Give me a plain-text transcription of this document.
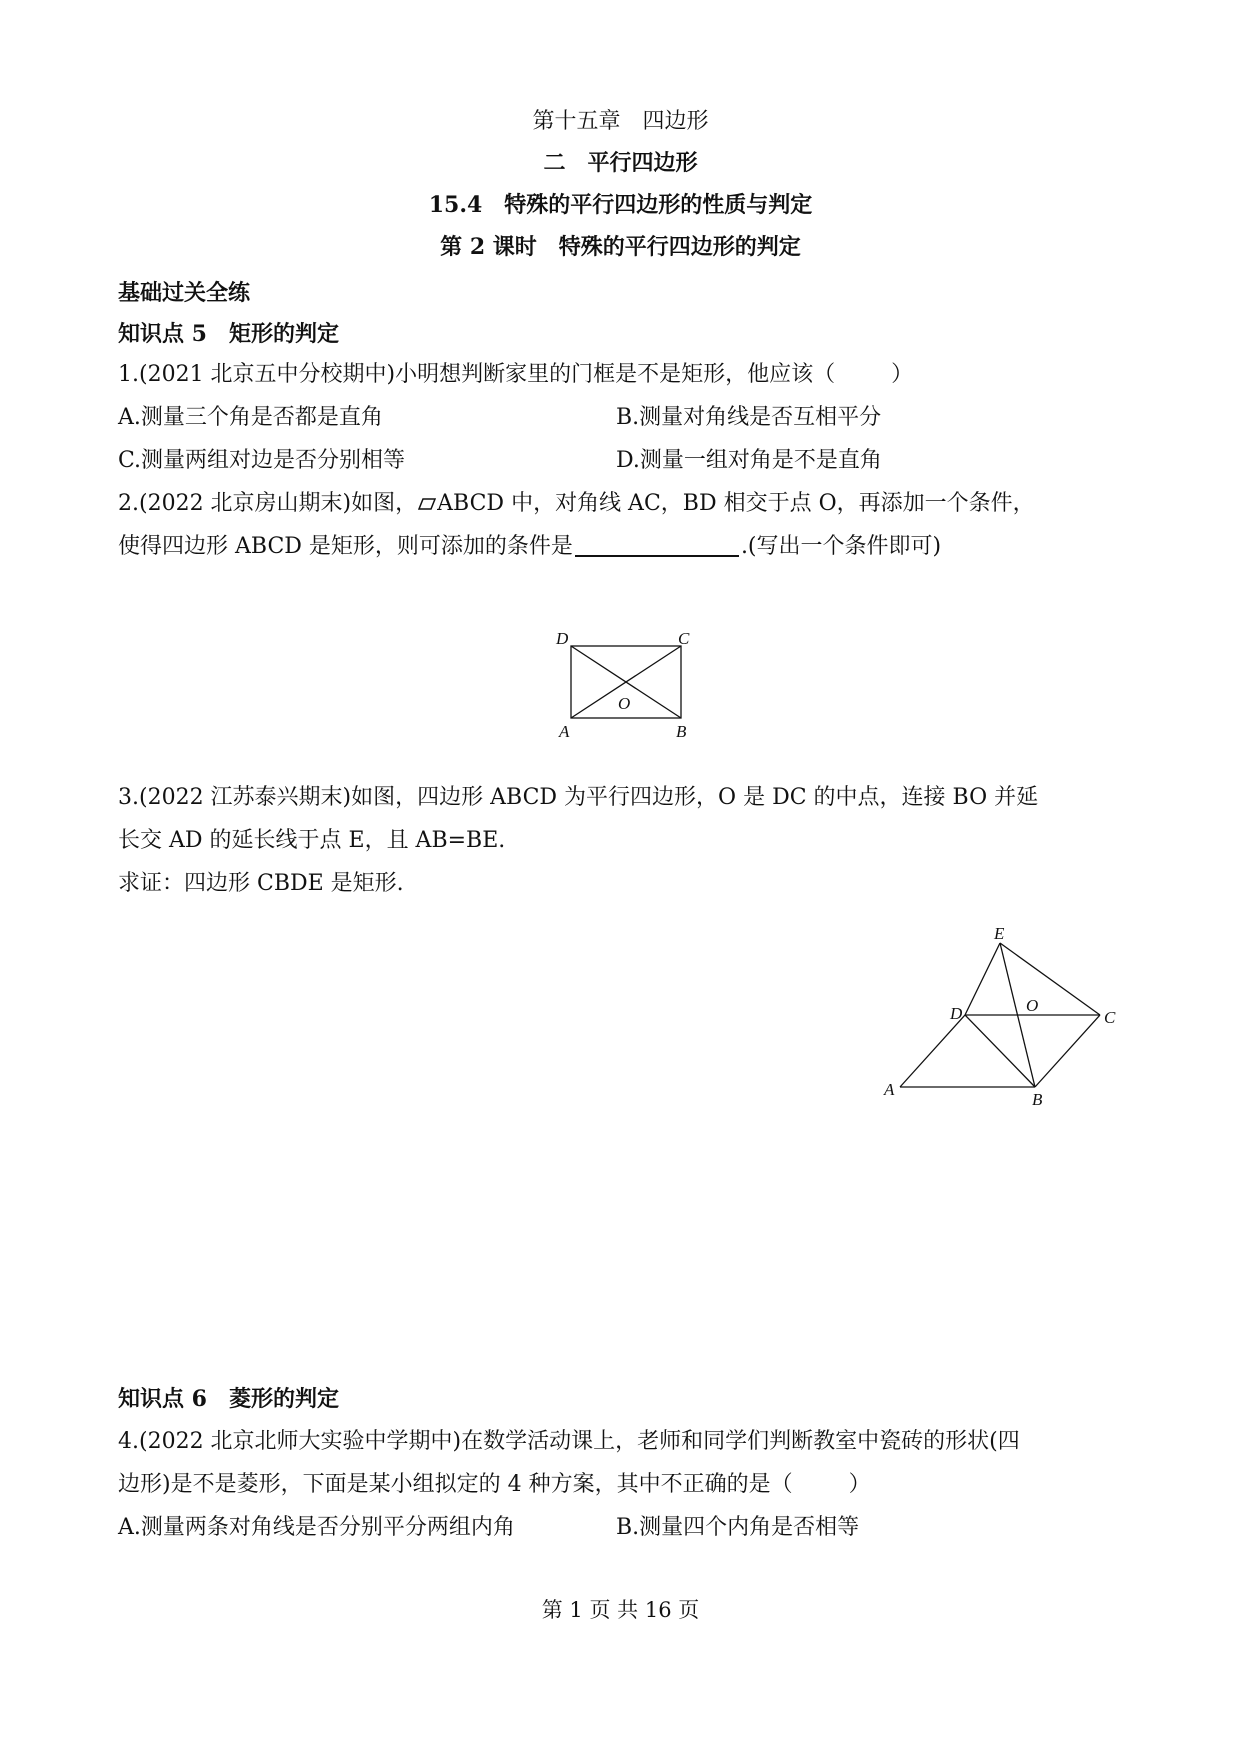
第十五章　四边形
二　平行四边形
15.4　特殊的平行四边形的性质与判定
第 2 课时　特殊的平行四边形的判定
基础过关全练
知识点 5　矩形的判定
1.(2021 北京五中分校期中)小明想判断家里的门框是不是矩形，他应该（	）
A.测量三个角是否都是直角	B.测量对角线是否互相平分
C.测量两组对边是否分别相等	D.测量一组对角是不是直角
2.(2022 北京房山期末)如图， ABCD 中，对角线 AC，BD 相交于点 O，再添加一个条件，
使得四边形 ABCD 是矩形，则可添加的条件是	.(写出一个条件即可)
D	C
O
A	B
3.(2022 江苏泰兴期末)如图，四边形 ABCD 为平行四边形，O 是 DC 的中点，连接 BO 并延
长交 AD 的延长线于点 E，且 AB=BE.
求证：四边形 CBDE 是矩形.
E
D	O
C
A
B
知识点 6　菱形的判定
4.(2022 北京北师大实验中学期中)在数学活动课上，老师和同学们判断教室中瓷砖的形状(四
边形)是不是菱形，下面是某小组拟定的 4 种方案，其中不正确的是（	）
A.测量两条对角线是否分别平分两组内角	B.测量四个内角是否相等
第 1 页 共 16 页
